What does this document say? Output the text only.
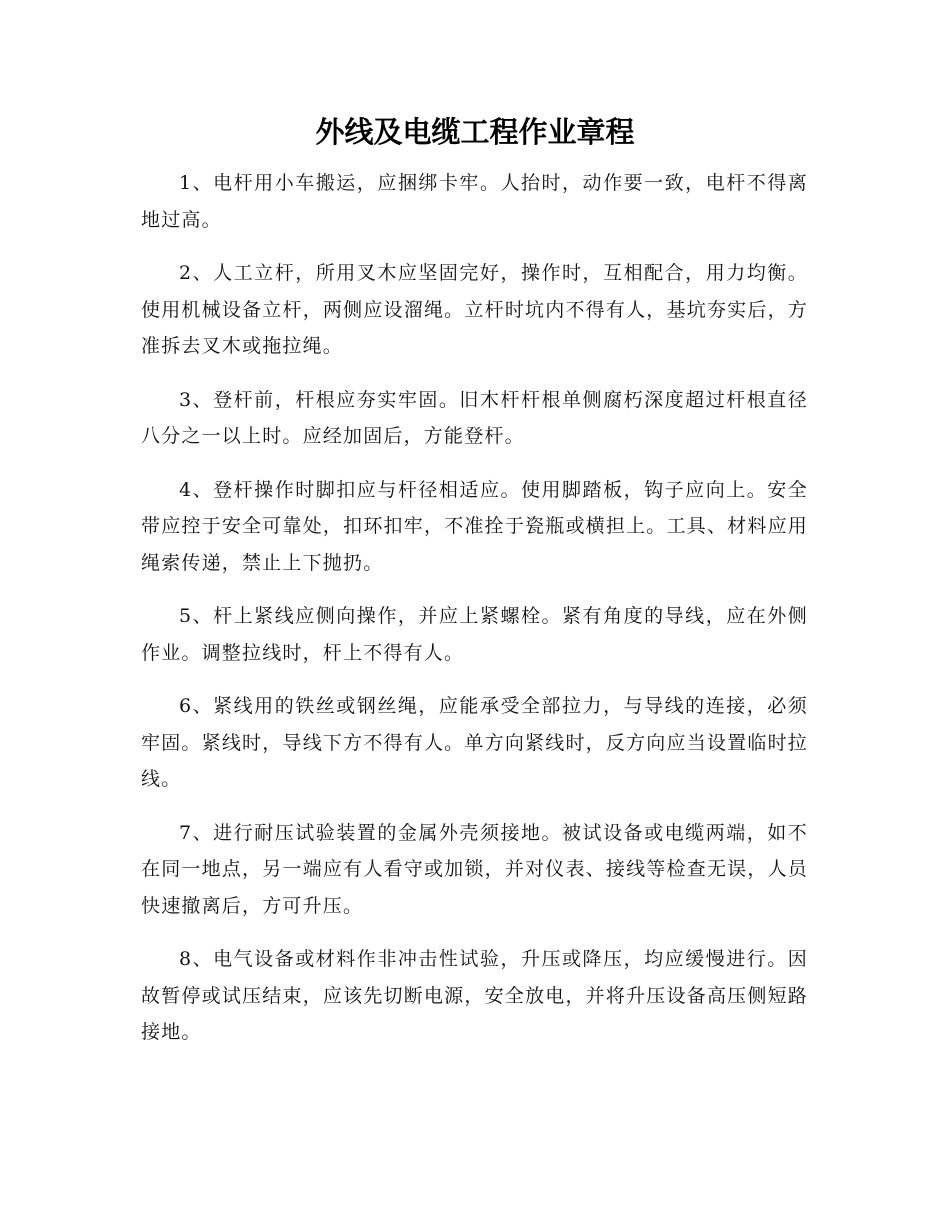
外线及电缆工程作业章程

1、电杆用小车搬运，应捆绑卡牢。人抬时，动作要一致，电杆不得离地过高。

2、人工立杆，所用叉木应坚固完好，操作时，互相配合，用力均衡。使用机械设备立杆，两侧应设溜绳。立杆时坑内不得有人，基坑夯实后，方准拆去叉木或拖拉绳。

3、登杆前，杆根应夯实牢固。旧木杆杆根单侧腐朽深度超过杆根直径八分之一以上时。应经加固后，方能登杆。

4、登杆操作时脚扣应与杆径相适应。使用脚踏板，钩子应向上。安全带应控于安全可靠处，扣环扣牢，不准拴于瓷瓶或横担上。工具、材料应用绳索传递，禁止上下抛扔。

5、杆上紧线应侧向操作，并应上紧螺栓。紧有角度的导线，应在外侧作业。调整拉线时，杆上不得有人。

6、紧线用的铁丝或钢丝绳，应能承受全部拉力，与导线的连接，必须牢固。紧线时，导线下方不得有人。单方向紧线时，反方向应当设置临时拉线。

7、进行耐压试验装置的金属外壳须接地。被试设备或电缆两端，如不在同一地点，另一端应有人看守或加锁，并对仪表、接线等检查无误，人员快速撤离后，方可升压。

8、电气设备或材料作非冲击性试验，升压或降压，均应缓慢进行。因故暂停或试压结束，应该先切断电源，安全放电，并将升压设备高压侧短路接地。
